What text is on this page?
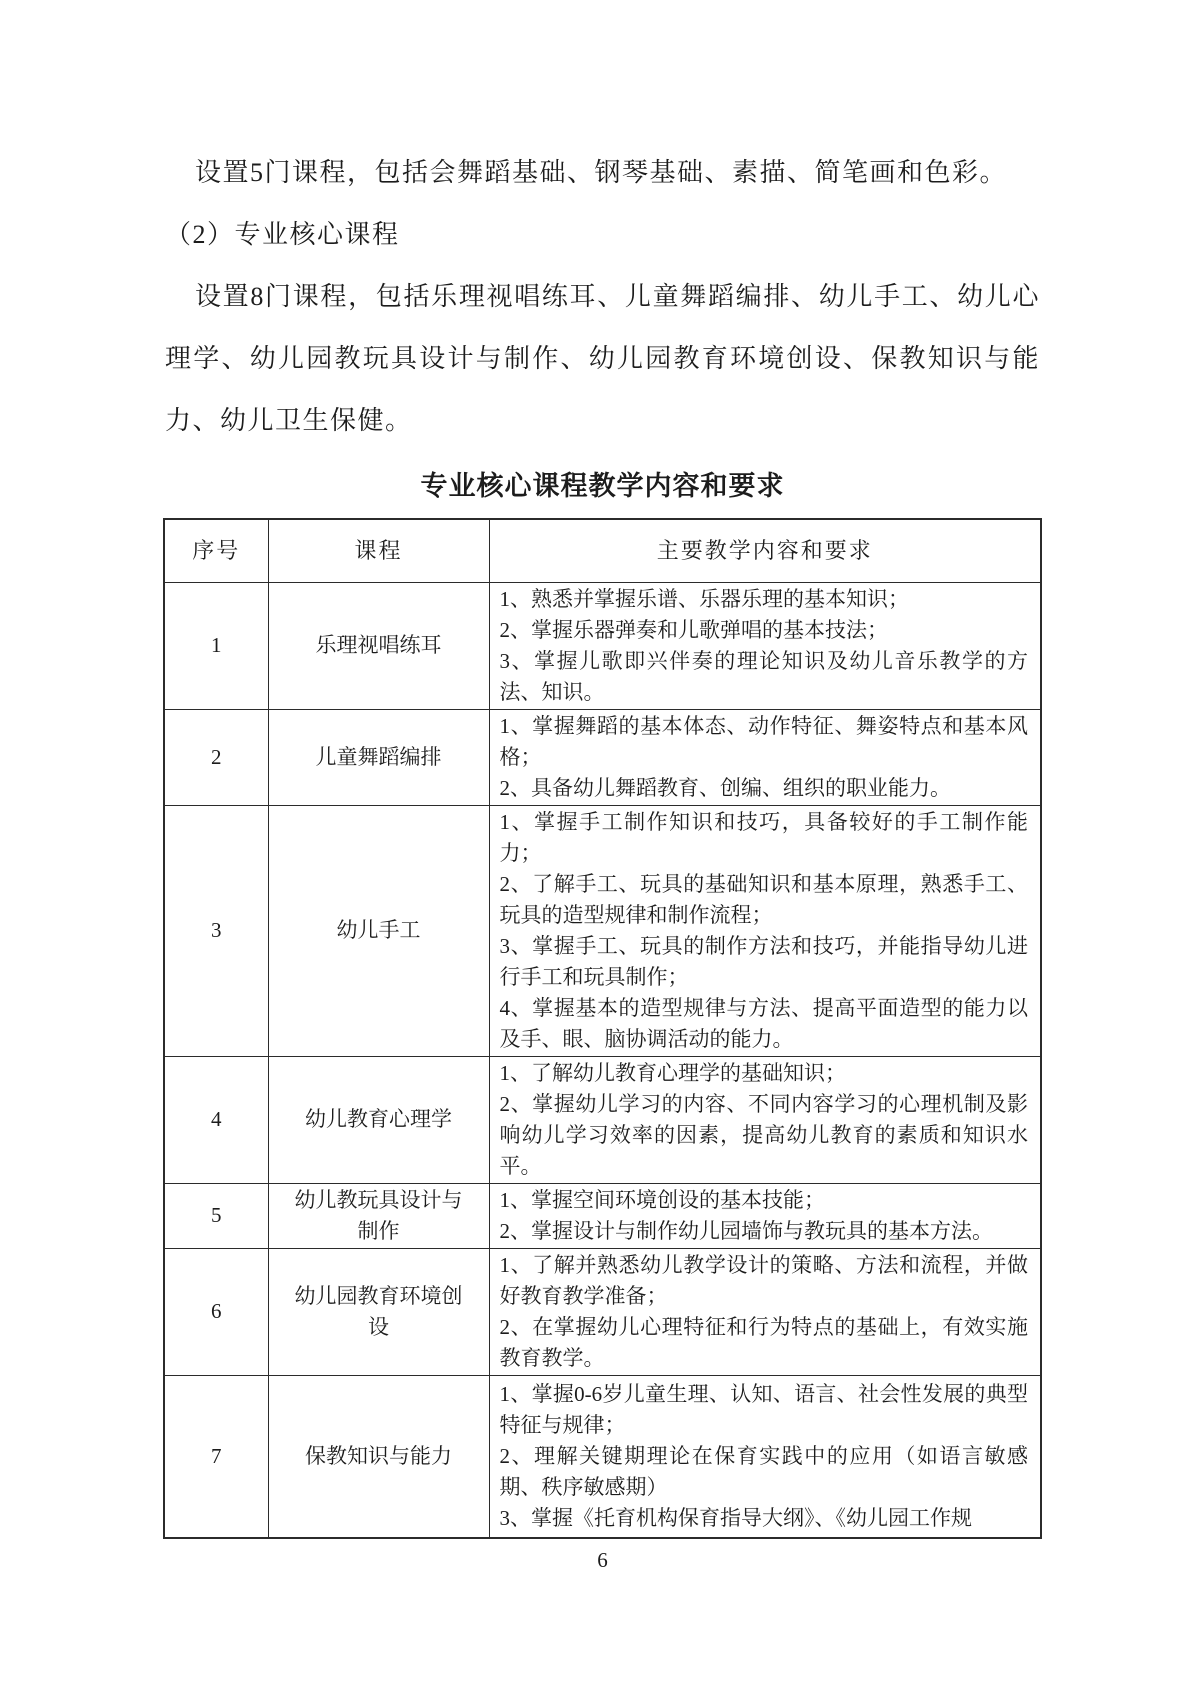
设置5门课程，包括会舞蹈基础、钢琴基础、素描、简笔画和色彩。

（2）专业核心课程

设置8门课程，包括乐理视唱练耳、儿童舞蹈编排、幼儿手工、幼儿心理学、幼儿园教玩具设计与制作、幼儿园教育环境创设、保教知识与能力、幼儿卫生保健。

专业核心课程教学内容和要求
序号	课程	主要教学内容和要求
1	乐理视唱练耳	1、熟悉并掌握乐谱、乐器乐理的基本知识；
2、掌握乐器弹奏和儿歌弹唱的基本技法；
3、掌握儿歌即兴伴奏的理论知识及幼儿音乐教学的方法、知识。

2	儿童舞蹈编排	1、掌握舞蹈的基本体态、动作特征、舞姿特点和基本风格；
2、具备幼儿舞蹈教育、创编、组织的职业能力。

3	幼儿手工	1、掌握手工制作知识和技巧，具备较好的手工制作能力；
2、了解手工、玩具的基础知识和基本原理，熟悉手工、玩具的造型规律和制作流程；
3、掌握手工、玩具的制作方法和技巧，并能指导幼儿进行手工和玩具制作；
4、掌握基本的造型规律与方法、提高平面造型的能力以及手、眼、脑协调活动的能力。

4	幼儿教育心理学	1、了解幼儿教育心理学的基础知识；
2、掌握幼儿学习的内容、不同内容学习的心理机制及影响幼儿学习效率的因素，提高幼儿教育的素质和知识水平。

5	幼儿教玩具设计与制作	1、掌握空间环境创设的基本技能；
2、掌握设计与制作幼儿园墙饰与教玩具的基本方法。

6	幼儿园教育环境创设	1、了解并熟悉幼儿教学设计的策略、方法和流程，并做好教育教学准备；
2、在掌握幼儿心理特征和行为特点的基础上，有效实施教育教学。

7	保教知识与能力	1、掌握0-6岁儿童生理、认知、语言、社会性发展的典型特征与规律；
2、理解关键期理论在保育实践中的应用（如语言敏感期、秩序敏感期）
3、掌握《托育机构保育指导大纲》、《幼儿园工作规
6
